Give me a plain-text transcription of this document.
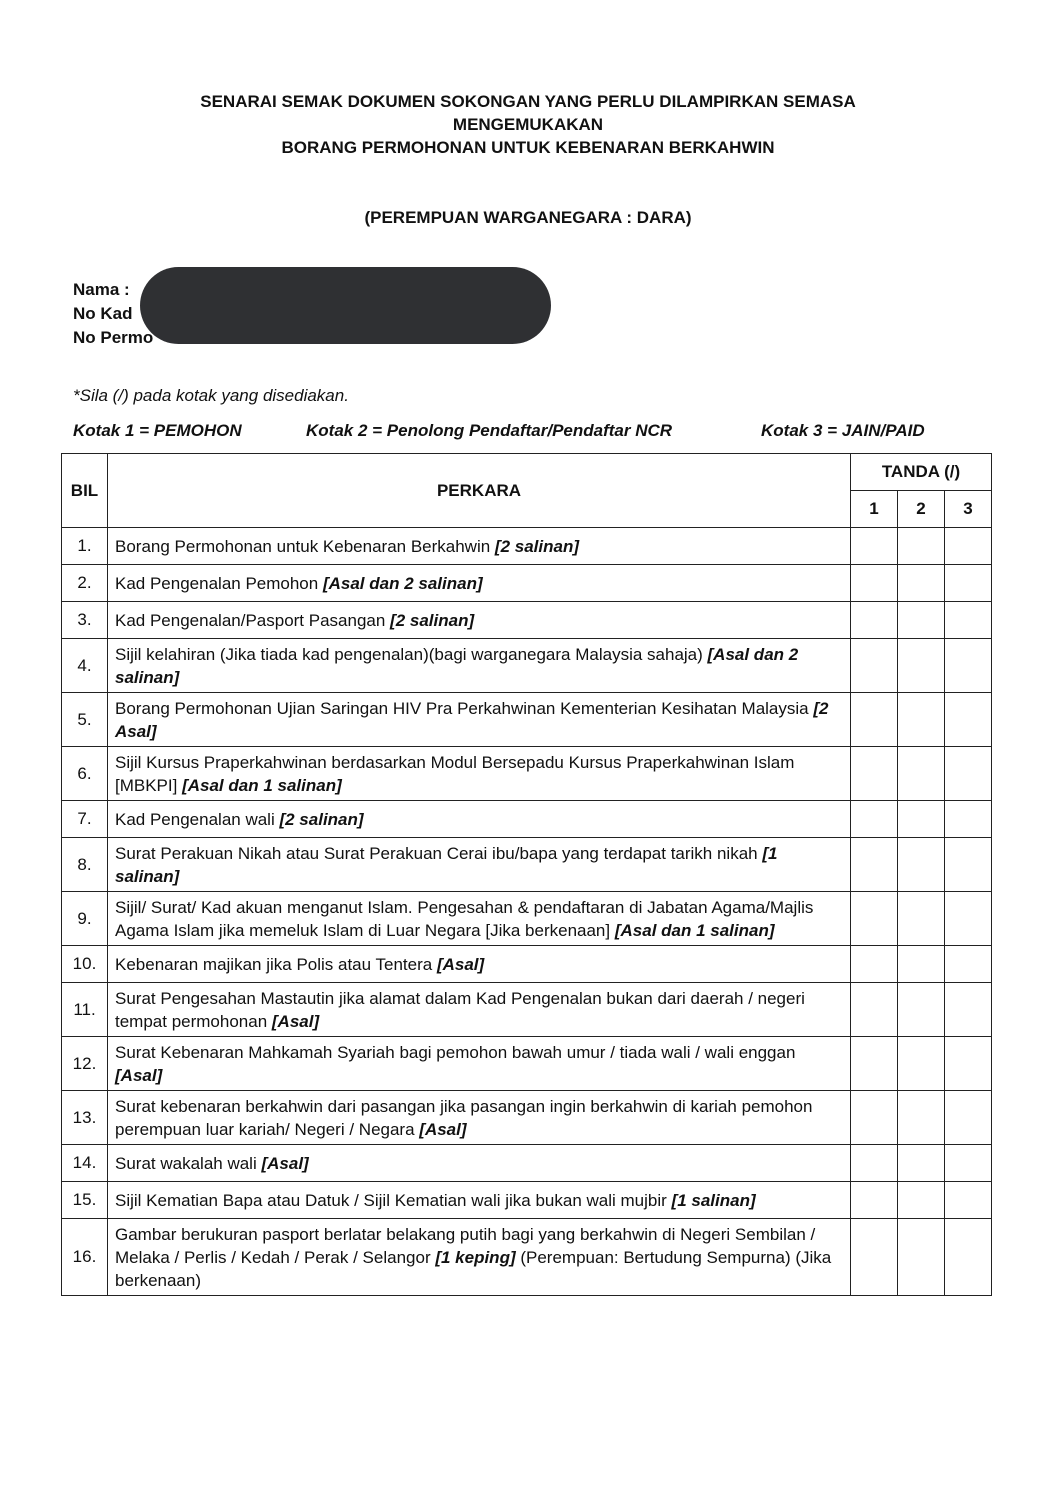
SENARAI SEMAK DOKUMEN SOKONGAN YANG PERLU DILAMPIRKAN SEMASA
MENGEMUKAKAN
BORANG PERMOHONAN UNTUK KEBENARAN BERKAHWIN
(PEREMPUAN WARGANEGARA : DARA)
Nama :
No Kad
No Permo
*Sila (/) pada kotak yang disediakan.
Kotak 1 = PEMOHON	Kotak 2 = Penolong Pendaftar/Pendaftar NCR	Kotak 3 = JAIN/PAID
BIL	PERKARA	TANDA (/)		
		1	2	3
1.	Borang Permohonan untuk Kebenaran Berkahwin [2 salinan]			
2.	Kad Pengenalan Pemohon [Asal dan 2 salinan]			
3.	Kad Pengenalan/Pasport Pasangan [2 salinan]			
4.	Sijil kelahiran (Jika tiada kad pengenalan)(bagi warganegara Malaysia sahaja) [Asal dan 2 salinan]			
5.	Borang Permohonan Ujian Saringan HIV Pra Perkahwinan Kementerian Kesihatan Malaysia [2 Asal]			
6.	Sijil Kursus Praperkahwinan berdasarkan Modul Bersepadu Kursus Praperkahwinan Islam [MBKPI] [Asal dan 1 salinan]			
7.	Kad Pengenalan wali [2 salinan]			
8.	Surat Perakuan Nikah atau Surat Perakuan Cerai ibu/bapa yang terdapat tarikh nikah [1 salinan]			
9.	Sijil/ Surat/ Kad akuan menganut Islam. Pengesahan & pendaftaran di Jabatan Agama/Majlis Agama Islam jika memeluk Islam di Luar Negara [Jika berkenaan] [Asal dan 1 salinan]			
10.	Kebenaran majikan jika Polis atau Tentera [Asal]			
11.	Surat Pengesahan Mastautin jika alamat dalam Kad Pengenalan bukan dari daerah / negeri tempat permohonan [Asal]			
12.	Surat Kebenaran Mahkamah Syariah bagi pemohon bawah umur / tiada wali / wali enggan [Asal]			
13.	Surat kebenaran berkahwin dari pasangan jika pasangan ingin berkahwin di kariah pemohon perempuan luar kariah/ Negeri / Negara [Asal]			
14.	Surat wakalah wali [Asal]			
15.	Sijil Kematian Bapa atau Datuk / Sijil Kematian wali jika bukan wali mujbir [1 salinan]			
16.	Gambar berukuran pasport berlatar belakang putih bagi yang berkahwin di Negeri Sembilan / Melaka / Perlis / Kedah / Perak / Selangor [1 keping] (Perempuan: Bertudung Sempurna) (Jika berkenaan)			
